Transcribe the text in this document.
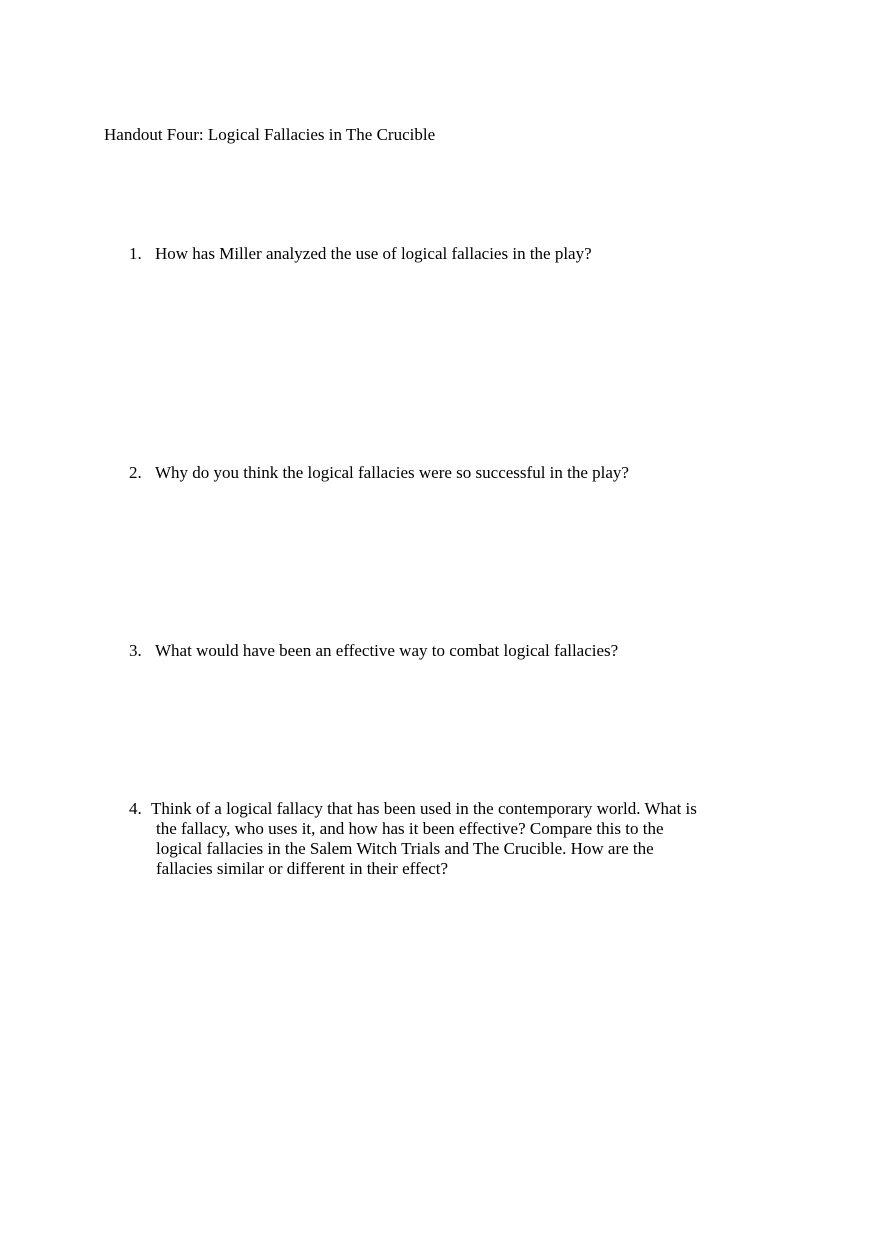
Handout Four: Logical Fallacies in The Crucible
1. How has Miller analyzed the use of logical fallacies in the play?
2. Why do you think the logical fallacies were so successful in the play?
3. What would have been an effective way to combat logical fallacies?
4. Think of a logical fallacy that has been used in the contemporary world. What is
the fallacy, who uses it, and how has it been effective? Compare this to the
logical fallacies in the Salem Witch Trials and The Crucible. How are the
fallacies similar or different in their effect?
